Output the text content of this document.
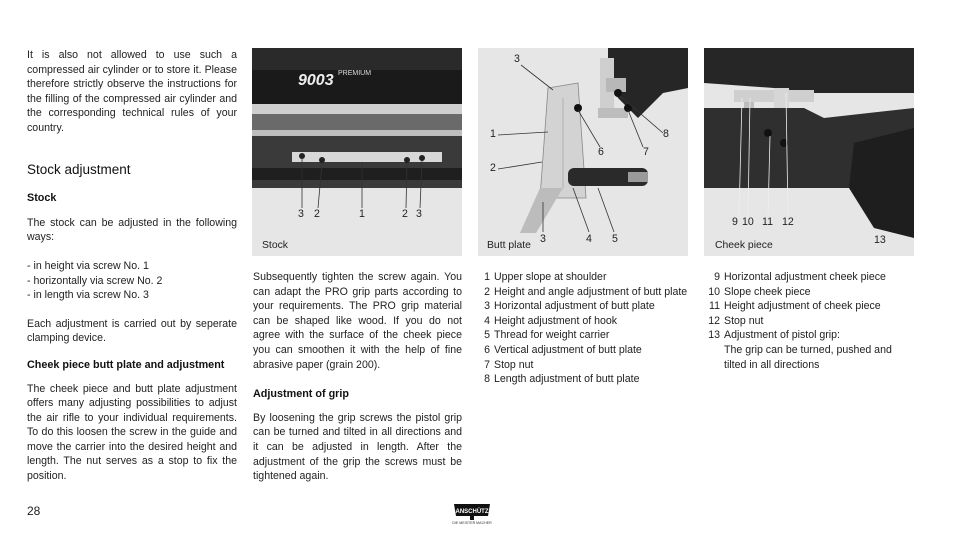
It is also not allowed to use such a compressed air cylinder or to store it. Please therefore strictly observe the instructions for the filling of the compressed air cylinder and the corresponding technical rules of your country.

Stock adjustment
Stock

The stock can be adjusted in the following ways:

- in height via screw No. 1
- horizontally via screw No. 2
- in length via screw No. 3

Each adjustment is carried out by seperate clamping device.

Cheek piece butt plate and adjustment

The cheek piece and butt plate adjustment offers many adjusting possibilities to adjust the air rifle to your individual requirements. To do this loosen the screw in the guide and move the carrier into the desired height and length. The nut serves as a stop to fix the position.

9003 PREMIUM
3 2	1	2 3
Stock
3
1	8
6	7
2
3	4 5
Butt plate
9 10 11 12
13
Cheek piece

Subsequently tighten the screw again. You can adapt the PRO grip parts according to your requirements. The PRO grip material can be shaped like wood. If you do not agree with the surface of the cheek piece you can smoothen it with the help of fine abrasive paper (grain 200).

Adjustment of grip

By loosening the grip screws the pistol grip can be turned and tilted in all directions and it can be adjusted in length. After the adjustment of the grip the screws must be tightened again.

1 Upper slope at shoulder
2 Height and angle adjustment of butt plate
3 Horizontal adjustment of butt plate
4 Height adjustment of hook
5 Thread for weight carrier
6 Vertical adjustment of butt plate
7 Stop nut
8 Length adjustment of butt plate
9 Horizontal adjustment cheek piece
10 Slope cheek piece
11 Height adjustment of cheek piece
12 Stop nut
13 Adjustment of pistol grip:
The grip can be turned, pushed and tilted in all directions
28	ANSCHÜTZ
DIE MEISTER MACHER
